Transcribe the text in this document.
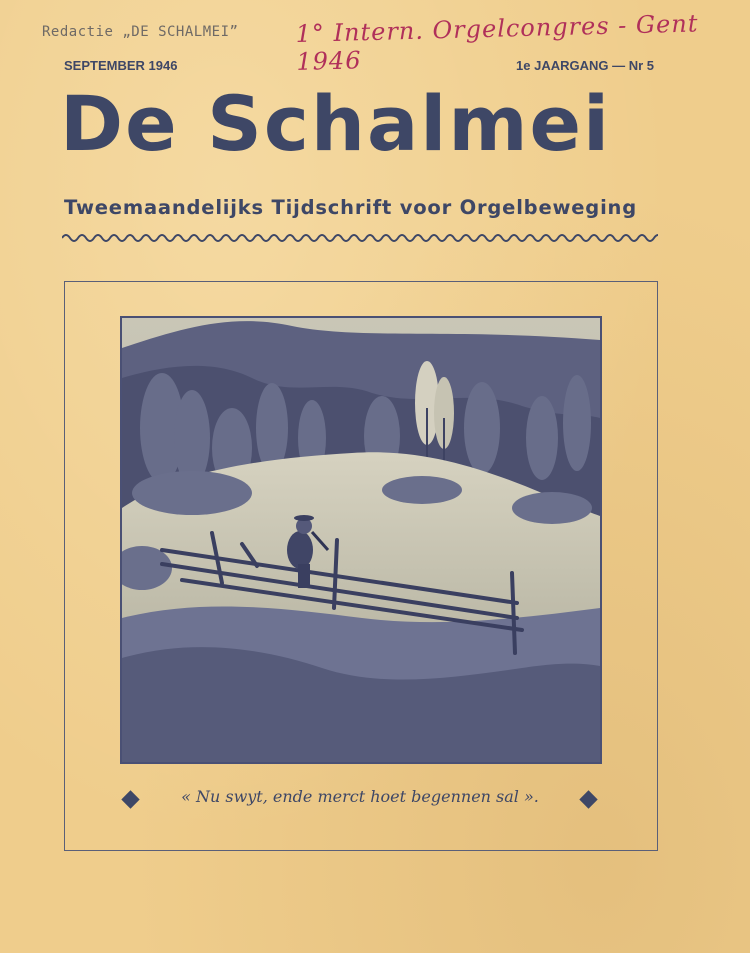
Redactie „DE SCHALMEI” 1° Intern. Orgelcongres - Gent 1946
SEPTEMBER 1946	1e JAARGANG — Nr 5
De Schalmei
Tweemaandelijks Tijdschrift voor Orgelbeweging
« Nu swyt, ende merct hoet begennen sal ».
